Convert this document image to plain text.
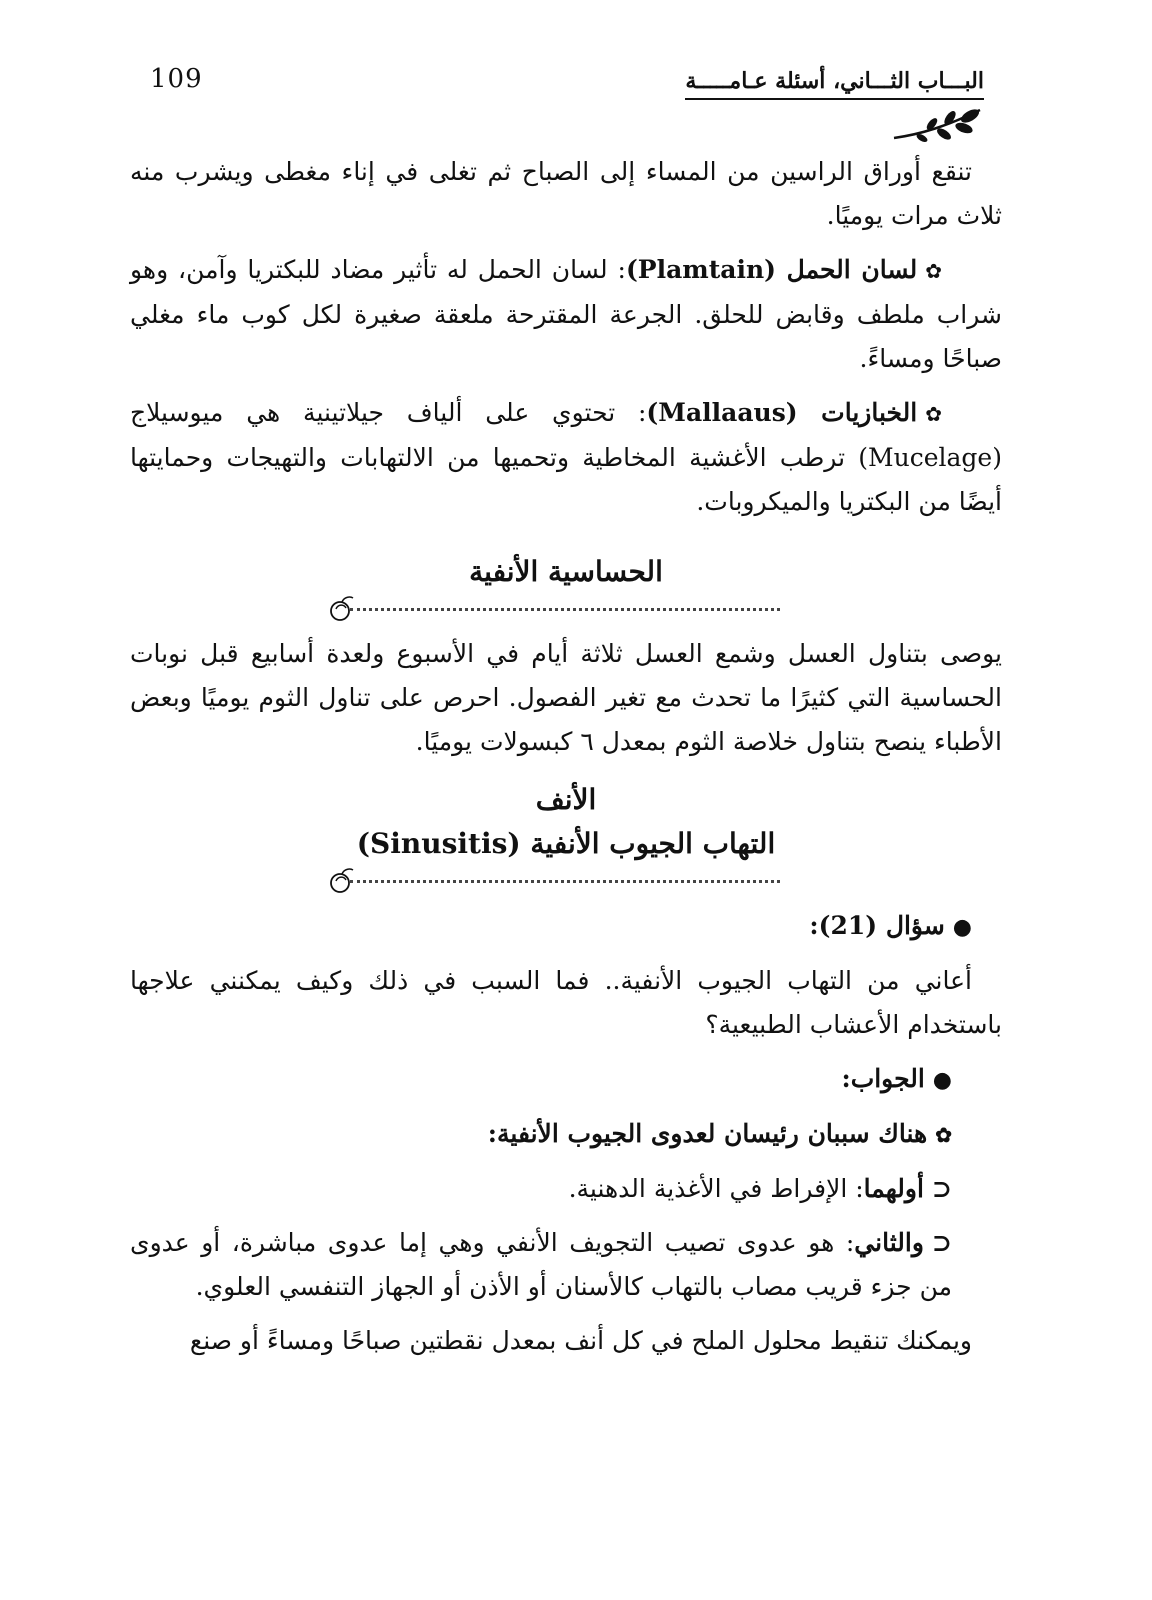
109	البـــاب الثـــاني، أسئلة عـامـــــة

تنقع أوراق الراسين من المساء إلى الصباح ثم تغلى في إناء مغطى ويشرب منه ثلاث مرات يوميًا.

✿لسان الحمل (Plamtain): لسان الحمل له تأثير مضاد للبكتريا وآمن، وهو شراب ملطف وقابض للحلق. الجرعة المقترحة ملعقة صغيرة لكل كوب ماء مغلي صباحًا ومساءً.

✿الخبازيات (Mallaaus): تحتوي على ألياف جيلاتينية هي ميوسيلاج (Mucelage) ترطب الأغشية المخاطية وتحميها من الالتهابات والتهيجات وحمايتها أيضًا من البكتريا والميكروبات.

الحساسية الأنفية

يوصى بتناول العسل وشمع العسل ثلاثة أيام في الأسبوع ولعدة أسابيع قبل نوبات الحساسية التي كثيرًا ما تحدث مع تغير الفصول. احرص على تناول الثوم يوميًا وبعض الأطباء ينصح بتناول خلاصة الثوم بمعدل ٦ كبسولات يوميًا.

الأنف
التهاب الجيوب الأنفية (Sinusitis)

●سؤال (21):

أعاني من التهاب الجيوب الأنفية.. فما السبب في ذلك وكيف يمكنني علاجها باستخدام الأعشاب الطبيعية؟

●الجواب:

✿هناك سببان رئيسان لعدوى الجيوب الأنفية:

⊂أولهما: الإفراط في الأغذية الدهنية.

⊂والثاني: هو عدوى تصيب التجويف الأنفي وهي إما عدوى مباشرة، أو عدوى من جزء قريب مصاب بالتهاب كالأسنان أو الأذن أو الجهاز التنفسي العلوي.

ويمكنك تنقيط محلول الملح في كل أنف بمعدل نقطتين صباحًا ومساءً أو صنع
